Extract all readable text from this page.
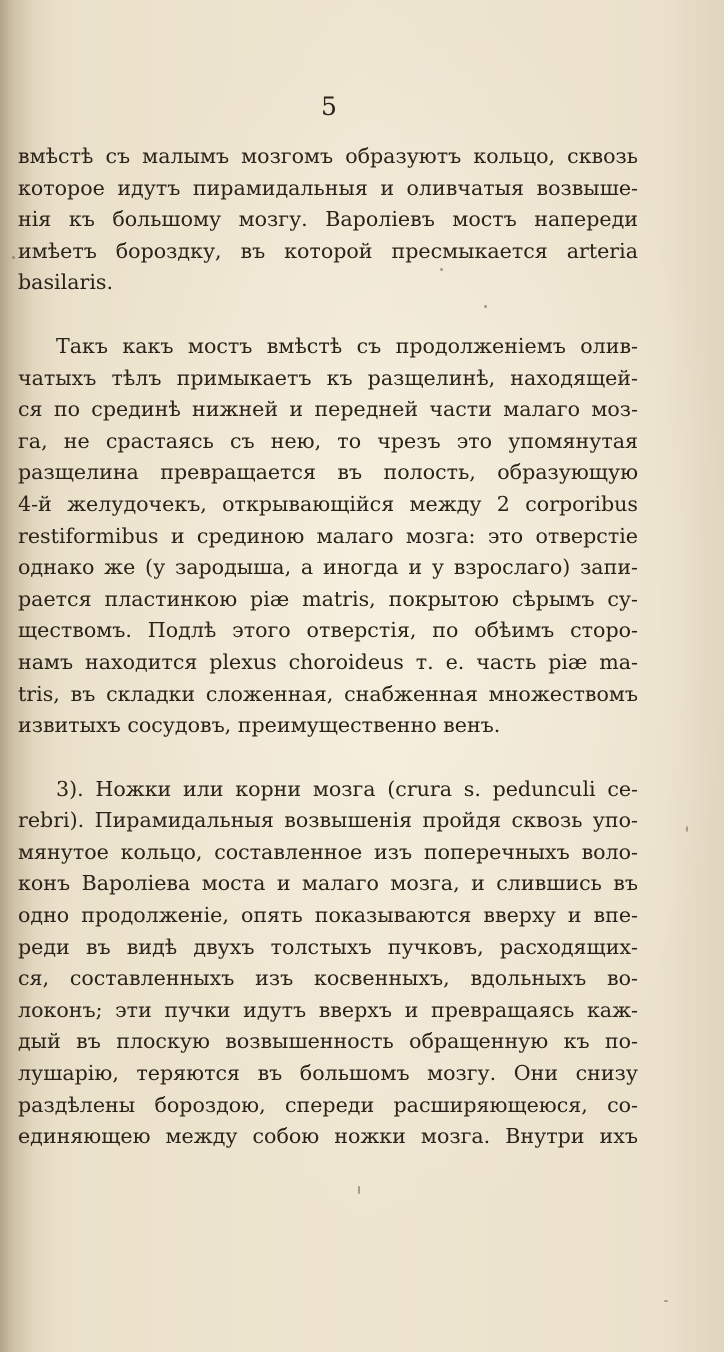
5
вмѣстѣ съ малымъ мозгомъ образуютъ кольцо, сквозь
которое идутъ пирамидальныя и оливчатыя возвыше-
нія къ большому мозгу. Вароліевъ мостъ напереди
имѣетъ бороздку, въ которой пресмыкается arteria
basilaris.
Такъ какъ мостъ вмѣстѣ съ продолженіемъ олив-
чатыхъ тѣлъ примыкаетъ къ разщелинѣ, находящей-
ся по срединѣ нижней и передней части малаго моз-
га, не срастаясь съ нею, то чрезъ это упомянутая
разщелина превращается въ полость, образующую
4-й желудочекъ, открывающійся между 2 corporibus
restiformibus и срединою малаго мозга: это отверстіе
однако же (у зародыша, а иногда и у взрослаго) запи-
рается пластинкою piæ matris, покрытою сѣрымъ су-
ществомъ. Подлѣ этого отверстія, по обѣимъ сторо-
намъ находится plexus choroideus т. е. часть piæ ma-
tris, въ складки сложенная, снабженная множествомъ
извитыхъ сосудовъ, преимущественно венъ.
3). Ножки или корни мозга (crura s. pedunculi ce-
rebri). Пирамидальныя возвышенія пройдя сквозь упо-
мянутое кольцо, составленное изъ поперечныхъ воло-
конъ Вароліева моста и малаго мозга, и слившись въ
одно продолженіе, опять показываются вверху и впе-
реди въ видѣ двухъ толстыхъ пучковъ, расходящих-
ся, составленныхъ изъ косвенныхъ, вдольныхъ во-
локонъ; эти пучки идутъ вверхъ и превращаясь каж-
дый въ плоскую возвышенность обращенную къ по-
лушарію, теряются въ большомъ мозгу. Они снизу
раздѣлены бороздою, спереди расширяющеюся, со-
единяющею между собою ножки мозга. Внутри ихъ
